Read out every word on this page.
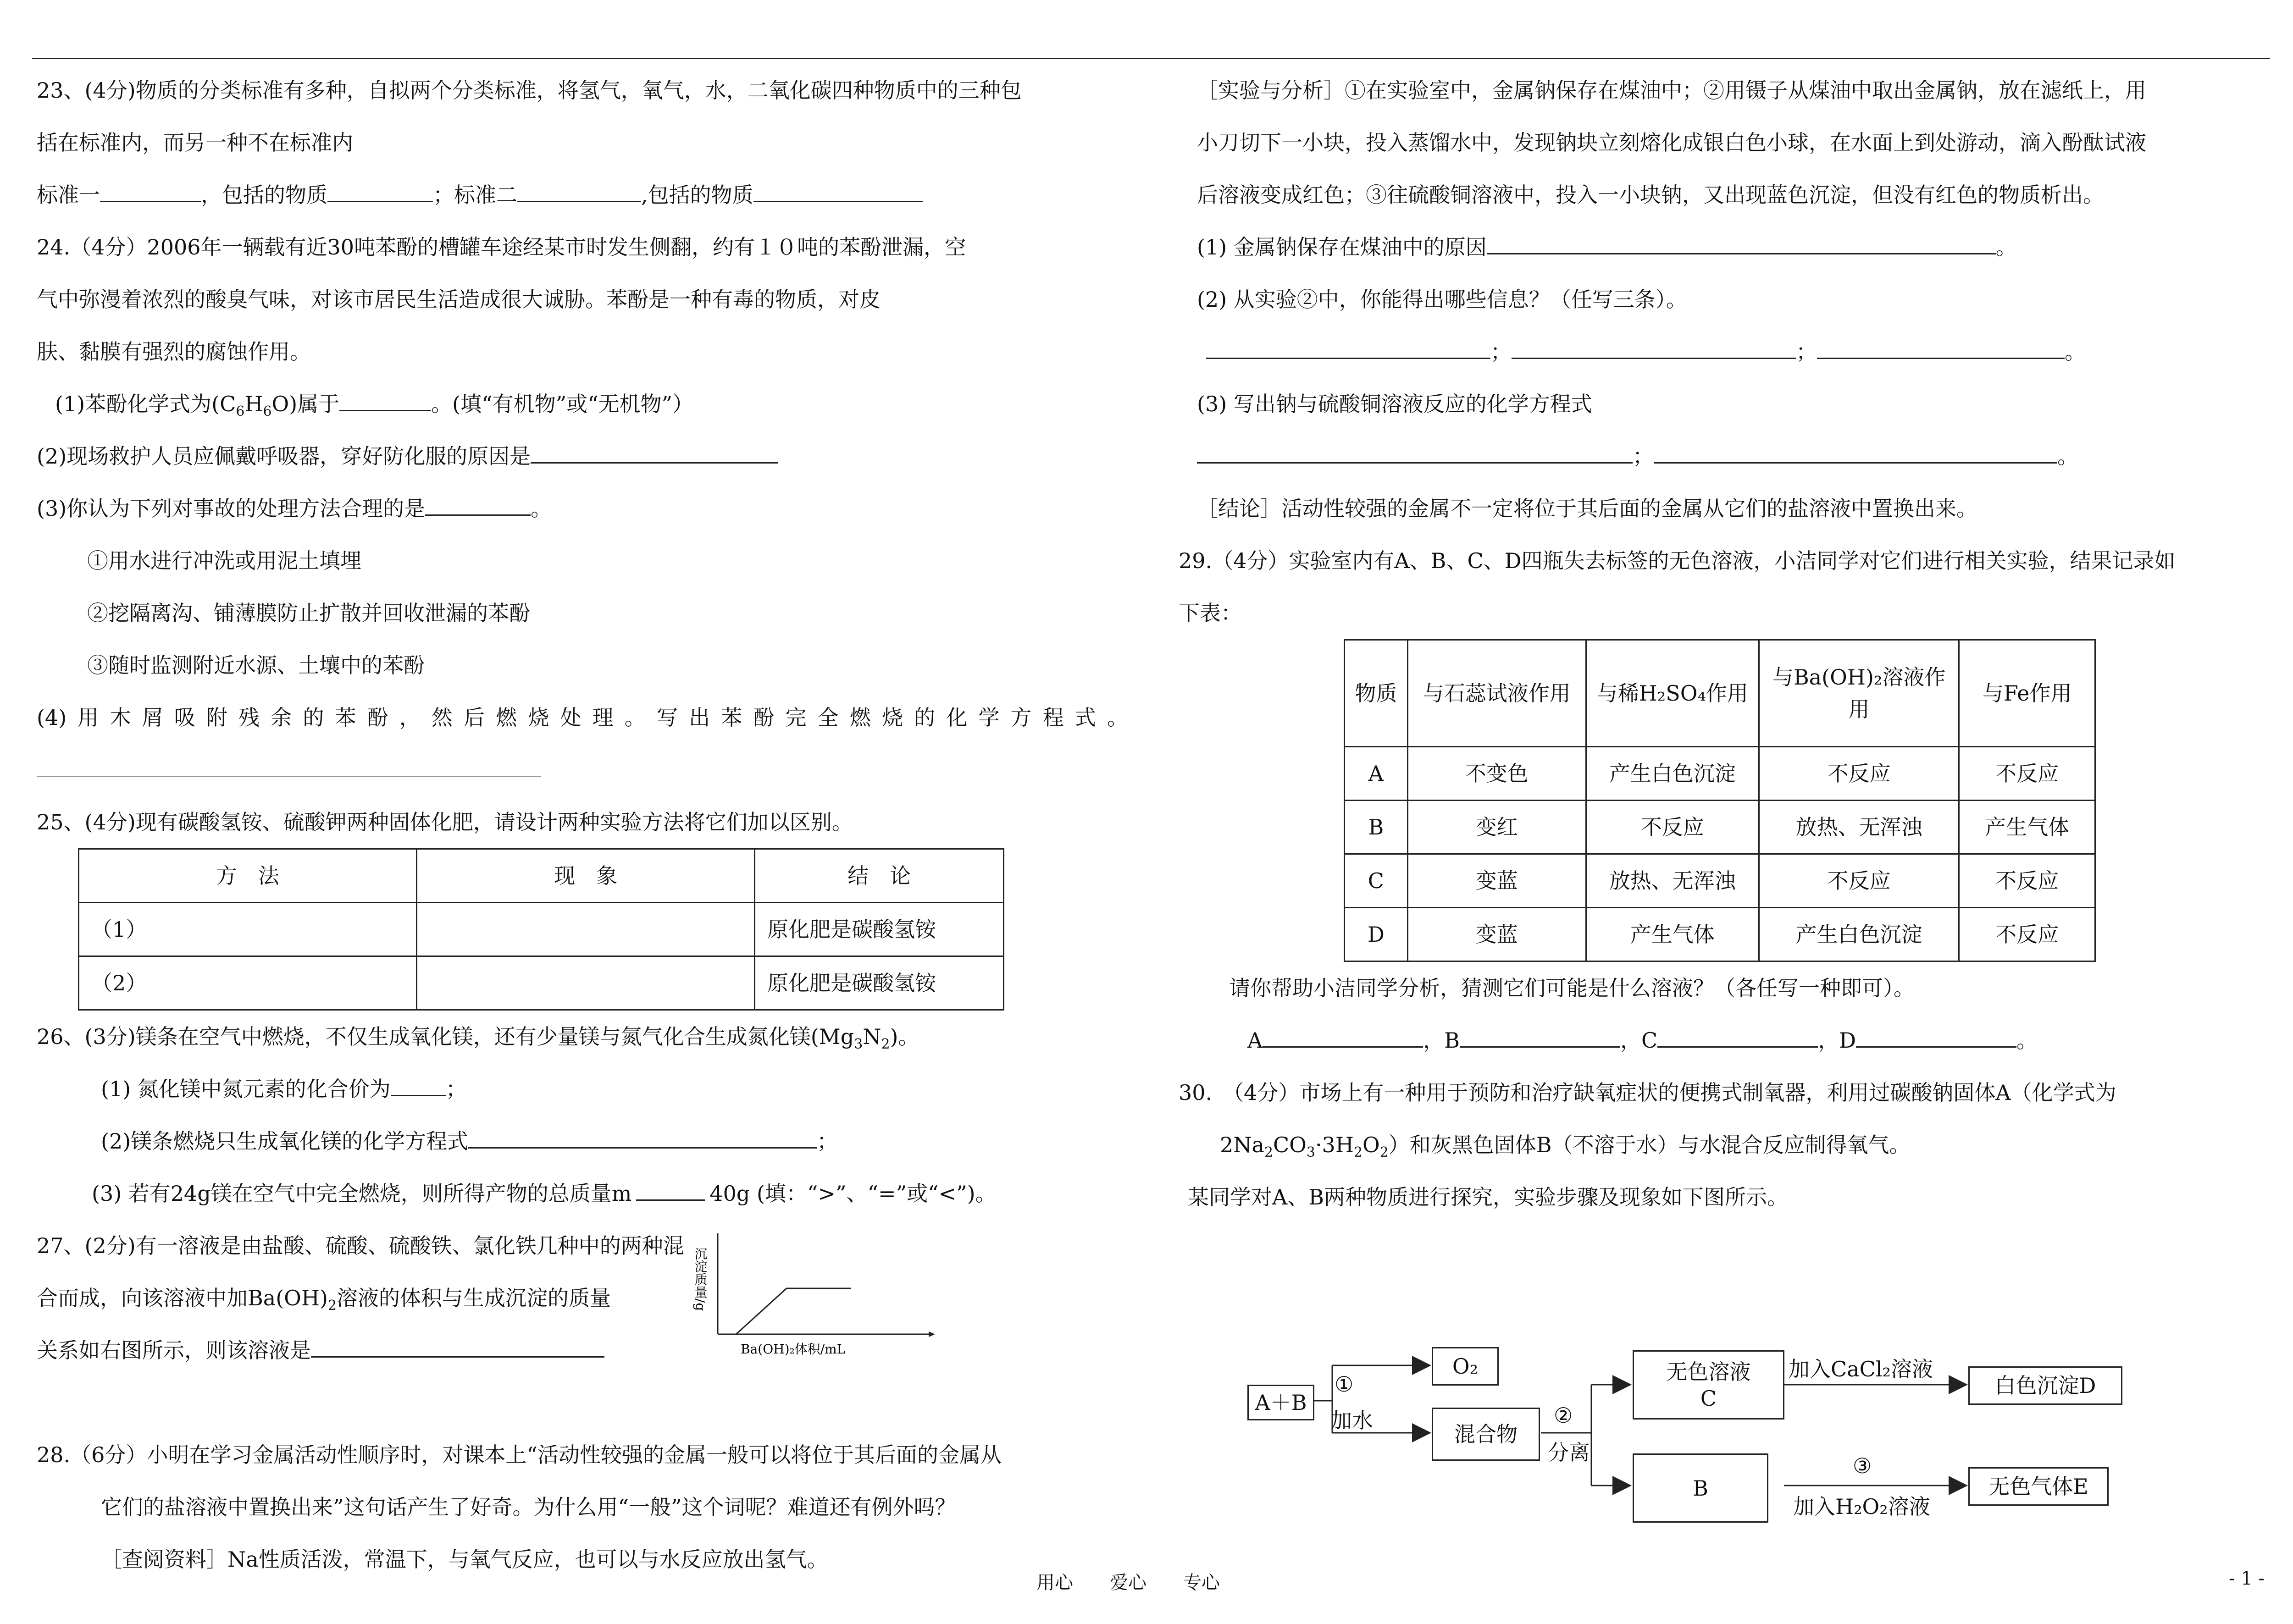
23、(4分)物质的分类标准有多种，自拟两个分类标准，将氢气，氧气，水，二氧化碳四种物质中的三种包
括在标准内，而另一种不在标准内
标准一	，包括的物质	；标准二	,包括的物质
24.（4分）2006年一辆载有近30吨苯酚的槽罐车途经某市时发生侧翻，约有１０吨的苯酚泄漏，空
气中弥漫着浓烈的酸臭气味，对该市居民生活造成很大诚胁。苯酚是一种有毒的物质，对皮
肤、黏膜有强烈的腐蚀作用。
(1)苯酚化学式为$(C_6H_6O)$属于	。(填“有机物”或“无机物”）
(2)现场救护人员应佩戴呼吸器，穿好防化服的原因是
(3)你认为下列对事故的处理方法合理的是	。
①用水进行冲洗或用泥土填埋
②挖隔离沟、铺薄膜防止扩散并回收泄漏的苯酚
③随时监测附近水源、土壤中的苯酚
(4)用木屑吸附残余的苯酚，然后燃烧处理。写出苯酚完全燃烧的化学方程式。
25、(4分)现有碳酸氢铵、硫酸钾两种固体化肥，请设计两种实验方法将它们加以区别。
方　法	现　象	结　论
（1）		原化肥是碳酸氢铵
（2）		原化肥是碳酸氢铵
26、(3分)镁条在空气中燃烧，不仅生成氧化镁，还有少量镁与氮气化合生成氮化镁$(Mg_3N_2)$。
(1) 氮化镁中氮元素的化合价为	；
(2)镁条燃烧只生成氧化镁的化学方程式	；
(3) 若有24g镁在空气中完全燃烧，则所得产物的总质量m	40g (填：“>”、“=”或“<”)。
27、(2分)有一溶液是由盐酸、硫酸、硫酸铁、氯化铁几种中的两种混
合而成，向该溶液中加$Ba(OH)_2$溶液的体积与生成沉淀的质量
关系如右图所示，则该溶液是
28.（6分）小明在学习金属活动性顺序时，对课本上“活动性较强的金属一般可以将位于其后面的金属从
它们的盐溶液中置换出来”这句话产生了好奇。为什么用“一般”这个词呢？难道还有例外吗？
［查阅资料］Na性质活泼，常温下，与氧气反应，也可以与水反应放出氢气。
沉淀质量/g
Ba(OH)₂体积/mL
［实验与分析］①在实验室中，金属钠保存在煤油中；②用镊子从煤油中取出金属钠，放在滤纸上，用
小刀切下一小块，投入蒸馏水中，发现钠块立刻熔化成银白色小球，在水面上到处游动，滴入酚酞试液
后溶液变成红色；③往硫酸铜溶液中，投入一小块钠，又出现蓝色沉淀，但没有红色的物质析出。
(1) 金属钠保存在煤油中的原因	。
(2) 从实验②中，你能得出哪些信息？（任写三条）。
；	；	。
(3) 写出钠与硫酸铜溶液反应的化学方程式
；	。
［结论］活动性较强的金属不一定将位于其后面的金属从它们的盐溶液中置换出来。
29.（4分）实验室内有A、B、C、D四瓶失去标签的无色溶液，小洁同学对它们进行相关实验，结果记录如
下表：
物质	与石蕊试液作用	与稀H₂SO₄作用	与Ba(OH)₂溶液作用	与Fe作用
A	不变色	产生白色沉淀	不反应	不反应
B	变红	不反应	放热、无浑浊	产生气体
C	变蓝	放热、无浑浊	不反应	不反应
D	变蓝	产生气体	产生白色沉淀	不反应
请你帮助小洁同学分析，猜测它们可能是什么溶液？（各任写一种即可）。
A	，B	，C	，D	。
30.　（4分）市场上有一种用于预防和治疗缺氧症状的便携式制氧器，利用过碳酸钠固体A（化学式为
$2Na_2CO_3\cdot 3H_2O_2$）和灰黑色固体B（不溶于水）与水混合反应制得氧气。
某同学对A、B两种物质进行探究，实验步骤及现象如下图所示。
A＋B
①
加水
O₂
混合物
②
分离
无色溶液
C
加入CaCl₂溶液
白色沉淀D
B
③
加入H₂O₂溶液
无色气体E
用心　　爱心　　专心	- 1 -
